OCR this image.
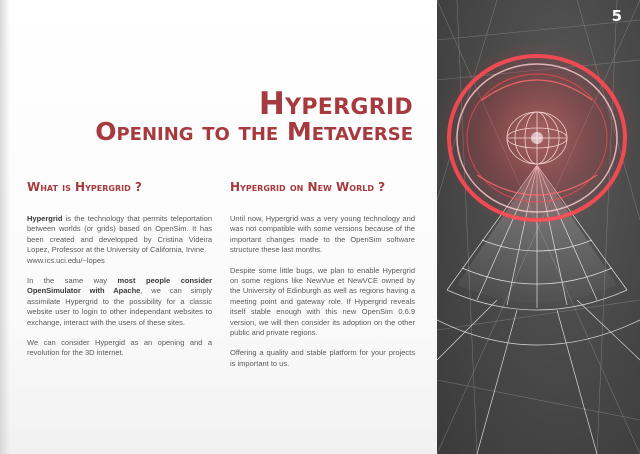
Hypergrid
Opening to the Metaverse
What is Hypergrid ?

Hypergrid is the technology that permits teleportation between worlds (or grids) based on OpenSim. It has been created and developped by Cristina Videira Lopez, Professor at the University of California, Irvine.
www.ics.uci.edu/~lopes

In the same way most people consider OpenSimulator with Apache, we can simply assimilate Hypergrid to the possibility for a classic website user to login to other independant websites to exchange, interact with the users of these sites.

We can consider Hypergid as an opening and a revolution for the 3D internet.

Hypergrid on New World ?

Until now, Hypergrid was a very young technology and was not compatible with some versions because of the important changes made to the OpenSim software structure these last months.

Despite some little bugs, we plan to enable Hypergrid on some regions like NewVue et NewVCE owned by the University of Edinburgh as well as regions having a meeting point and gateway role. If Hypergrid reveals itself stable enough with this new OpenSim 0.6.9 version, we will then consider its adoption on the other public and private regions.

Offering a quality and stable platform for your projects is important to us.

5
